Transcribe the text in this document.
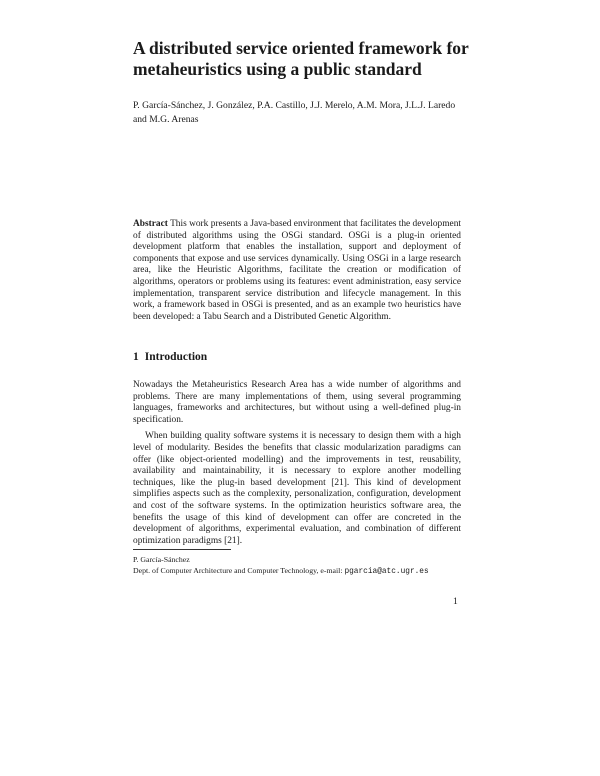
A distributed service oriented framework for metaheuristics using a public standard

P. García-Sánchez, J. González, P.A. Castillo, J.J. Merelo, A.M. Mora, J.L.J. Laredo and M.G. Arenas

Abstract This work presents a Java-based environment that facilitates the development of distributed algorithms using the OSGi standard. OSGi is a plug-in oriented development platform that enables the installation, support and deployment of components that expose and use services dynamically. Using OSGi in a large research area, like the Heuristic Algorithms, facilitate the creation or modification of algorithms, operators or problems using its features: event administration, easy service implementation, transparent service distribution and lifecycle management. In this work, a framework based in OSGi is presented, and as an example two heuristics have been developed: a Tabu Search and a Distributed Genetic Algorithm.

1 Introduction

Nowadays the Metaheuristics Research Area has a wide number of algorithms and problems. There are many implementations of them, using several programming languages, frameworks and architectures, but without using a well-defined plug-in specification.

When building quality software systems it is necessary to design them with a high level of modularity. Besides the benefits that classic modularization paradigms can offer (like object-oriented modelling) and the improvements in test, reusability, availability and maintainability, it is necessary to explore another modelling techniques, like the plug-in based development [21]. This kind of development simplifies aspects such as the complexity, personalization, configuration, development and cost of the software systems. In the optimization heuristics software area, the benefits the usage of this kind of development can offer are concreted in the development of algorithms, experimental evaluation, and combination of different optimization paradigms [21].

P. García-Sánchez
Dept. of Computer Architecture and Computer Technology, e-mail: pgarcia@atc.ugr.es
1
